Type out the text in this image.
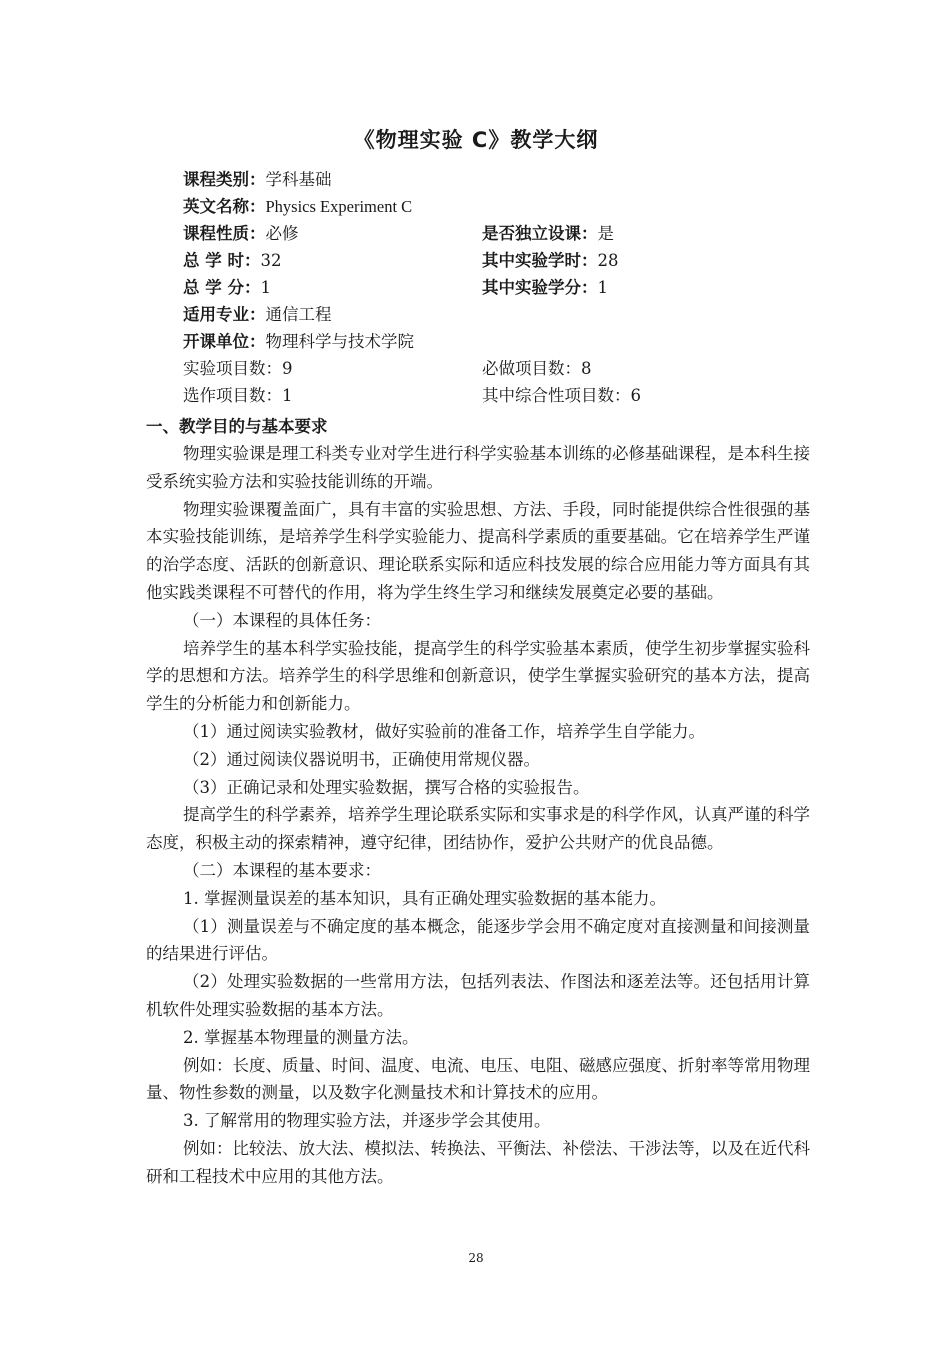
《物理实验 C》教学大纲
课程类别：学科基础
英文名称：Physics Experiment C
课程性质：必修	是否独立设课：是
总 学 时：32	其中实验学时：28
总 学 分：1	其中实验学分：1
适用专业：通信工程
开课单位：物理科学与技术学院
实验项目数：9	必做项目数：8
选作项目数：1	其中综合性项目数：6
一、教学目的与基本要求

物理实验课是理工科类专业对学生进行科学实验基本训练的必修基础课程，是本科生接受系统实验方法和实验技能训练的开端。

物理实验课覆盖面广，具有丰富的实验思想、方法、手段，同时能提供综合性很强的基本实验技能训练，是培养学生科学实验能力、提高科学素质的重要基础。它在培养学生严谨的治学态度、活跃的创新意识、理论联系实际和适应科技发展的综合应用能力等方面具有其他实践类课程不可替代的作用，将为学生终生学习和继续发展奠定必要的基础。

（一）本课程的具体任务：

培养学生的基本科学实验技能，提高学生的科学实验基本素质，使学生初步掌握实验科学的思想和方法。培养学生的科学思维和创新意识，使学生掌握实验研究的基本方法，提高学生的分析能力和创新能力。

（1）通过阅读实验教材，做好实验前的准备工作，培养学生自学能力。

（2）通过阅读仪器说明书，正确使用常规仪器。

（3）正确记录和处理实验数据，撰写合格的实验报告。

提高学生的科学素养，培养学生理论联系实际和实事求是的科学作风，认真严谨的科学态度，积极主动的探索精神，遵守纪律，团结协作，爱护公共财产的优良品德。

（二）本课程的基本要求：

1. 掌握测量误差的基本知识，具有正确处理实验数据的基本能力。

（1）测量误差与不确定度的基本概念，能逐步学会用不确定度对直接测量和间接测量的结果进行评估。

（2）处理实验数据的一些常用方法，包括列表法、作图法和逐差法等。还包括用计算机软件处理实验数据的基本方法。

2. 掌握基本物理量的测量方法。

例如：长度、质量、时间、温度、电流、电压、电阻、磁感应强度、折射率等常用物理量、物性参数的测量，以及数字化测量技术和计算技术的应用。

3. 了解常用的物理实验方法，并逐步学会其使用。

例如：比较法、放大法、模拟法、转换法、平衡法、补偿法、干涉法等，以及在近代科研和工程技术中应用的其他方法。

28
